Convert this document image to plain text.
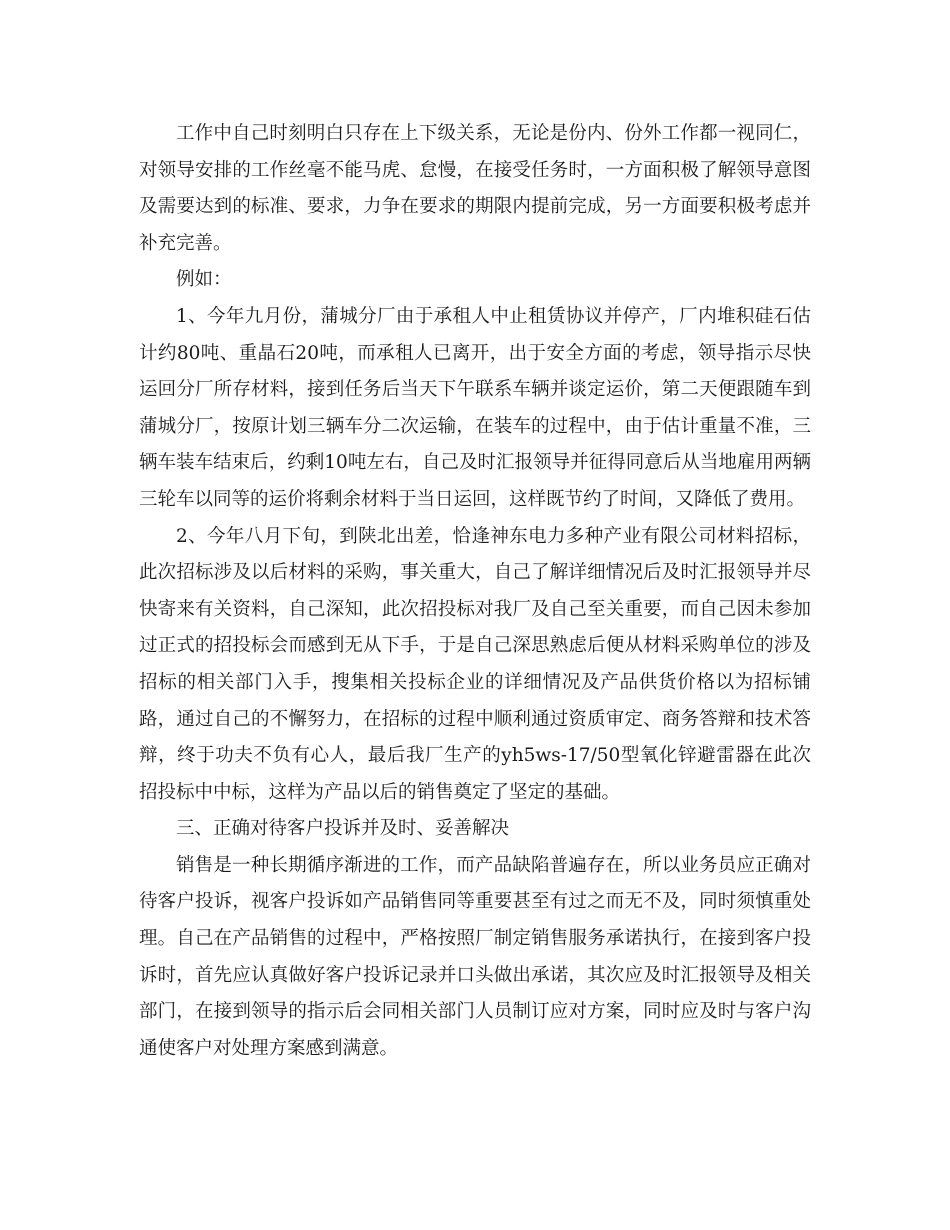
工作中自己时刻明白只存在上下级关系，无论是份内、份外工作都一视同仁，对领导安排的工作丝毫不能马虎、怠慢，在接受任务时，一方面积极了解领导意图及需要达到的标准、要求，力争在要求的期限内提前完成，另一方面要积极考虑并补充完善。

例如：

1、今年九月份，蒲城分厂由于承租人中止租赁协议并停产，厂内堆积硅石估计约80吨、重晶石20吨，而承租人已离开，出于安全方面的考虑，领导指示尽快运回分厂所存材料，接到任务后当天下午联系车辆并谈定运价，第二天便跟随车到蒲城分厂，按原计划三辆车分二次运输，在装车的过程中，由于估计重量不准，三辆车装车结束后，约剩10吨左右，自己及时汇报领导并征得同意后从当地雇用两辆三轮车以同等的运价将剩余材料于当日运回，这样既节约了时间，又降低了费用。

2、今年八月下旬，到陕北出差，恰逢神东电力多种产业有限公司材料招标，此次招标涉及以后材料的采购，事关重大，自己了解详细情况后及时汇报领导并尽快寄来有关资料，自己深知，此次招投标对我厂及自己至关重要，而自己因未参加过正式的招投标会而感到无从下手，于是自己深思熟虑后便从材料采购单位的涉及招标的相关部门入手，搜集相关投标企业的详细情况及产品供货价格以为招标铺路，通过自己的不懈努力，在招标的过程中顺利通过资质审定、商务答辩和技术答辩，终于功夫不负有心人，最后我厂生产的yh5ws-17/50型氧化锌避雷器在此次招投标中中标，这样为产品以后的销售奠定了坚定的基础。

三、正确对待客户投诉并及时、妥善解决

销售是一种长期循序渐进的工作，而产品缺陷普遍存在，所以业务员应正确对待客户投诉，视客户投诉如产品销售同等重要甚至有过之而无不及，同时须慎重处理。自己在产品销售的过程中，严格按照厂制定销售服务承诺执行，在接到客户投诉时，首先应认真做好客户投诉记录并口头做出承诺，其次应及时汇报领导及相关部门，在接到领导的指示后会同相关部门人员制订应对方案，同时应及时与客户沟通使客户对处理方案感到满意。
